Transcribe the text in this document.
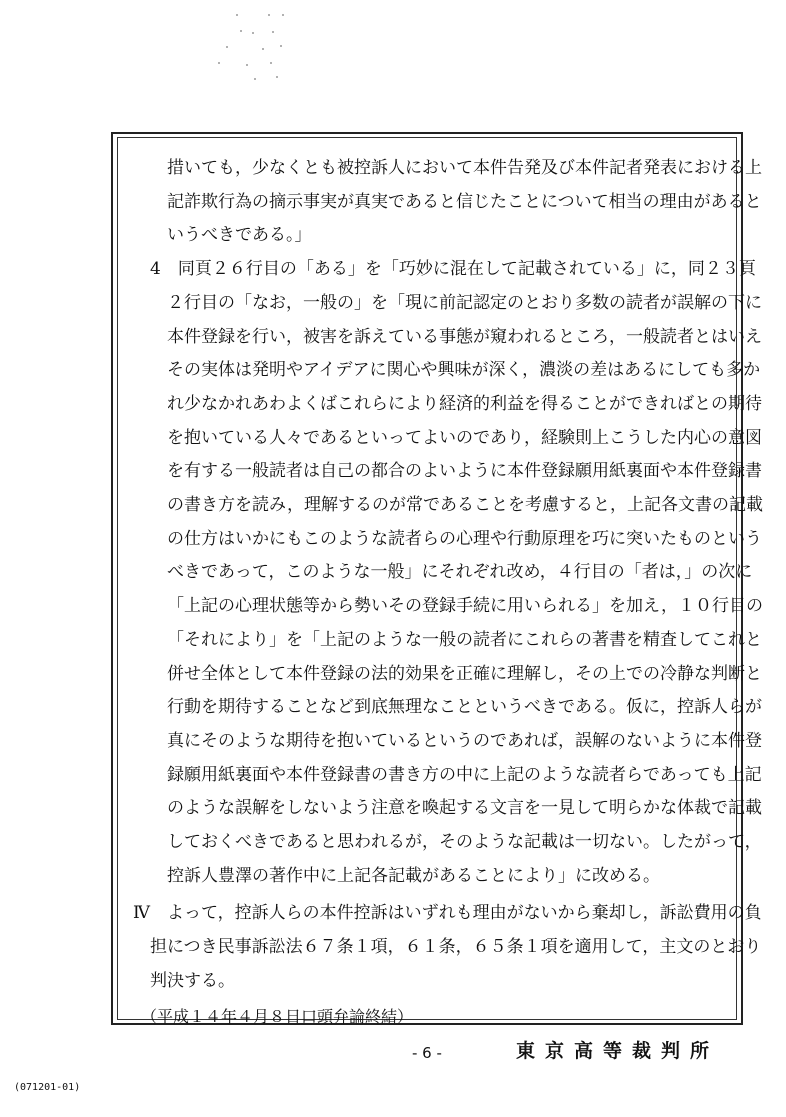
措いても，少なくとも被控訴人において本件告発及び本件記者発表における上
記詐欺行為の摘示事実が真実であると信じたことについて相当の理由があると
いうべきである。」
4　同頁２６行目の「ある」を「巧妙に混在して記載されている」に，同２３頁
２行目の「なお，一般の」を「現に前記認定のとおり多数の読者が誤解の下に
本件登録を行い，被害を訴えている事態が窺われるところ，一般読者とはいえ
その実体は発明やアイデアに関心や興味が深く，濃淡の差はあるにしても多か
れ少なかれあわよくばこれらにより経済的利益を得ることができればとの期待
を抱いている人々であるといってよいのであり，経験則上こうした内心の意図
を有する一般読者は自己の都合のよいように本件登録願用紙裏面や本件登録書
の書き方を読み，理解するのが常であることを考慮すると，上記各文書の記載
の仕方はいかにもこのような読者らの心理や行動原理を巧に突いたものという
べきであって，このような一般」にそれぞれ改め，４行目の「者は，」の次に
「上記の心理状態等から勢いその登録手続に用いられる」を加え，１０行目の
「それにより」を「上記のような一般の読者にこれらの著書を精査してこれと
併せ全体として本件登録の法的効果を正確に理解し，その上での冷静な判断と
行動を期待することなど到底無理なことというべきである。仮に，控訴人らが
真にそのような期待を抱いているというのであれば，誤解のないように本件登
録願用紙裏面や本件登録書の書き方の中に上記のような読者らであっても上記
のような誤解をしないよう注意を喚起する文言を一見して明らかな体裁で記載
しておくべきであると思われるが，そのような記載は一切ない。したがって，
控訴人豊澤の著作中に上記各記載があることにより」に改める。
Ⅳ　よって，控訴人らの本件控訴はいずれも理由がないから棄却し，訴訟費用の負
担につき民事訴訟法６７条１項，６１条，６５条１項を適用して，主文のとおり
判決する。
（平成１４年４月８日口頭弁論終結）
- 6 -	東京高等裁判所
(071201-01)
